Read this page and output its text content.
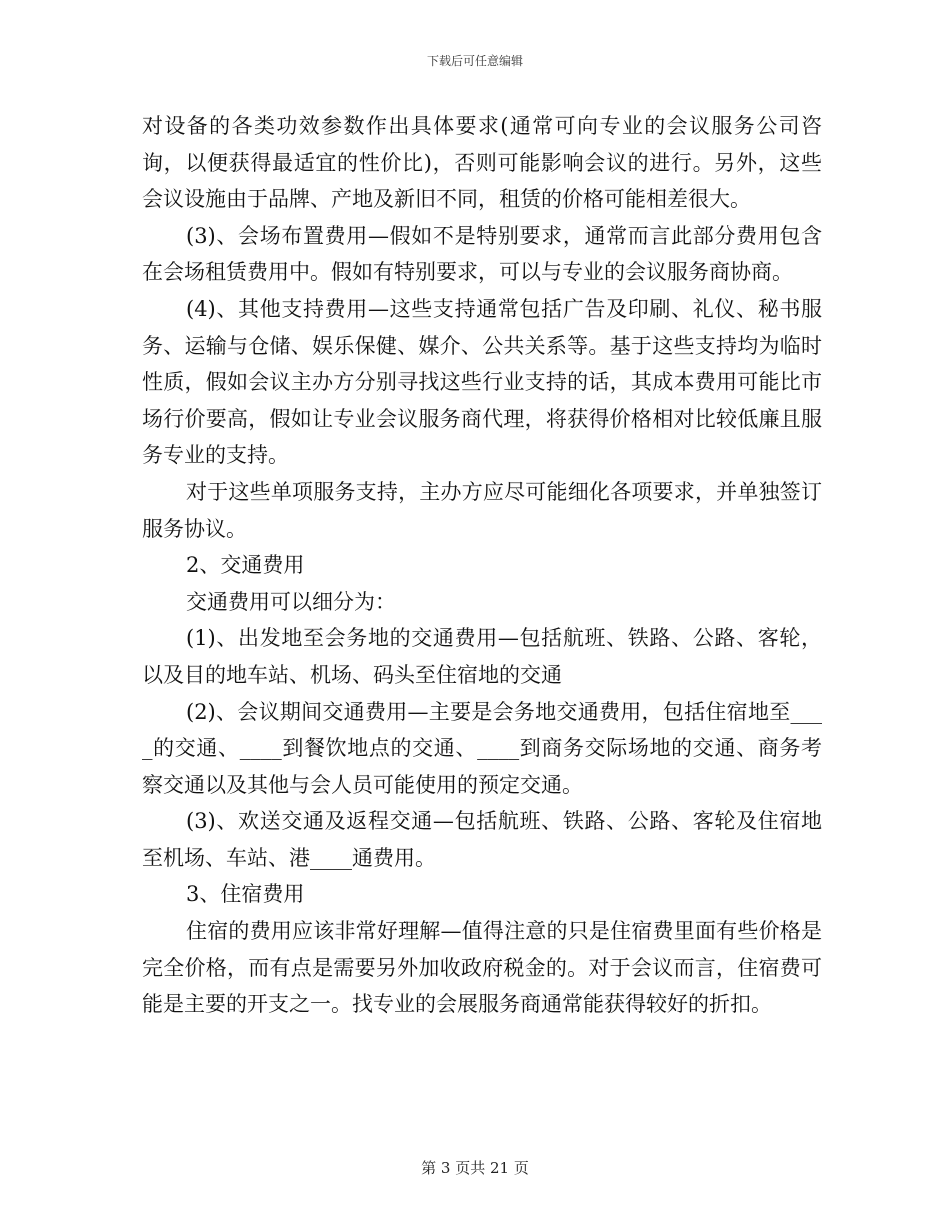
下载后可任意编辑

对设备的各类功效参数作出具体要求(通常可向专业的会议服务公司咨询，以便获得最适宜的性价比)，否则可能影响会议的进行。另外，这些会议设施由于品牌、产地及新旧不同，租赁的价格可能相差很大。

(3)、会场布置费用—假如不是特别要求，通常而言此部分费用包含在会场租赁费用中。假如有特别要求，可以与专业的会议服务商协商。

(4)、其他支持费用—这些支持通常包括广告及印刷、礼仪、秘书服务、运输与仓储、娱乐保健、媒介、公共关系等。基于这些支持均为临时性质，假如会议主办方分别寻找这些行业支持的话，其成本费用可能比市场行价要高，假如让专业会议服务商代理，将获得价格相对比较低廉且服务专业的支持。

对于这些单项服务支持，主办方应尽可能细化各项要求，并单独签订服务协议。

2、交通费用

交通费用可以细分为：

(1)、出发地至会务地的交通费用—包括航班、铁路、公路、客轮，以及目的地车站、机场、码头至住宿地的交通

(2)、会议期间交通费用—主要是会务地交通费用，包括住宿地至____的交通、____到餐饮地点的交通、____到商务交际场地的交通、商务考察交通以及其他与会人员可能使用的预定交通。

(3)、欢送交通及返程交通—包括航班、铁路、公路、客轮及住宿地至机场、车站、港____通费用。

3、住宿费用

住宿的费用应该非常好理解—值得注意的只是住宿费里面有些价格是完全价格，而有点是需要另外加收政府税金的。对于会议而言，住宿费可能是主要的开支之一。找专业的会展服务商通常能获得较好的折扣。

第 3 页共 21 页
